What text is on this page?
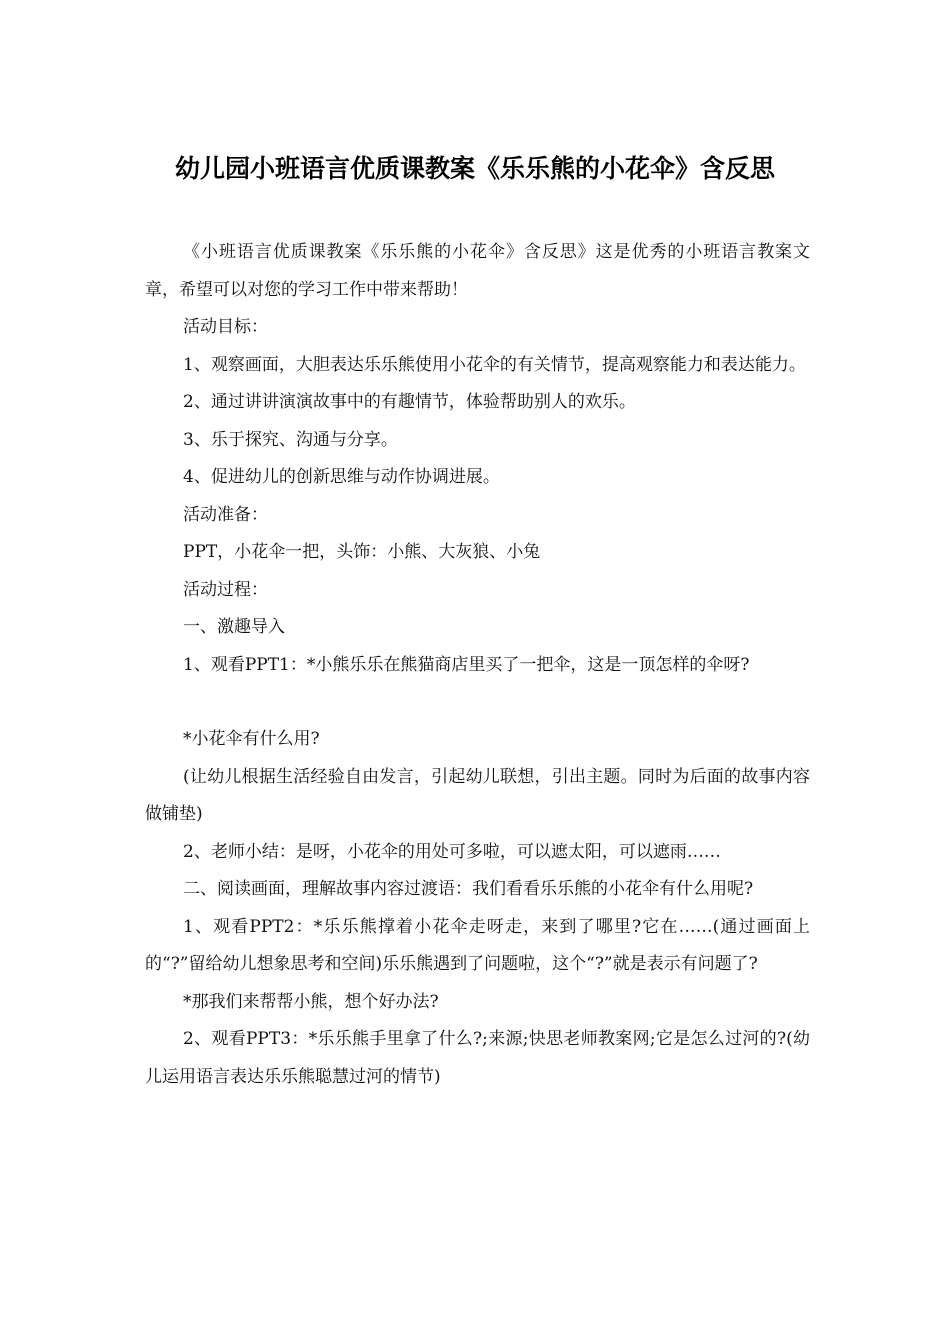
幼儿园小班语言优质课教案《乐乐熊的小花伞》含反思

《小班语言优质课教案《乐乐熊的小花伞》含反思》这是优秀的小班语言教案文章，希望可以对您的学习工作中带来帮助！

活动目标：

1、观察画面，大胆表达乐乐熊使用小花伞的有关情节，提高观察能力和表达能力。

2、通过讲讲演演故事中的有趣情节，体验帮助别人的欢乐。

3、乐于探究、沟通与分享。

4、促进幼儿的创新思维与动作协调进展。

活动准备：

PPT，小花伞一把，头饰：小熊、大灰狼、小兔

活动过程：

一、激趣导入

1、观看PPT1：*小熊乐乐在熊猫商店里买了一把伞，这是一顶怎样的伞呀?

*小花伞有什么用?

(让幼儿根据生活经验自由发言，引起幼儿联想，引出主题。同时为后面的故事内容做铺垫)

2、老师小结：是呀，小花伞的用处可多啦，可以遮太阳，可以遮雨……

二、阅读画面，理解故事内容过渡语：我们看看乐乐熊的小花伞有什么用呢?

1、观看PPT2：*乐乐熊撑着小花伞走呀走，来到了哪里?它在……(通过画面上的“?”留给幼儿想象思考和空间)乐乐熊遇到了问题啦，这个“?”就是表示有问题了?

*那我们来帮帮小熊，想个好办法?

2、观看PPT3：*乐乐熊手里拿了什么?;来源;快思老师教案网;它是怎么过河的?(幼儿运用语言表达乐乐熊聪慧过河的情节)
